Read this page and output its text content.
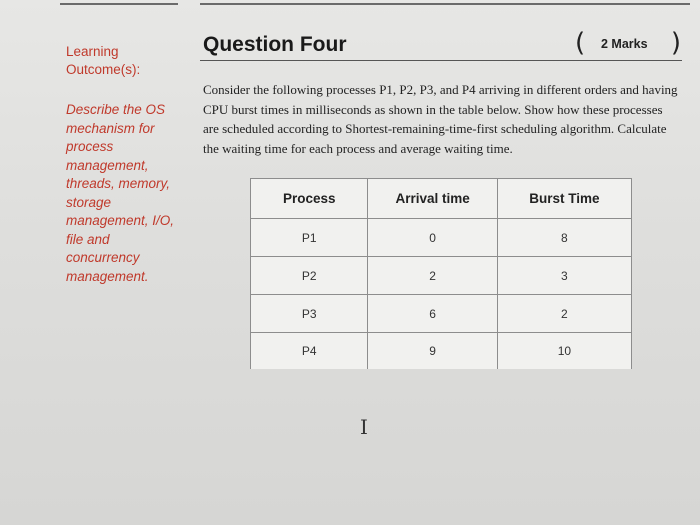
Learning Outcome(s):

Describe the OS mechanism for process management, threads, memory, storage management, I/O, file and concurrency management.

Question Four	( 2 Marks )

Consider the following processes P1, P2, P3, and P4 arriving in different orders and having CPU burst times in milliseconds as shown in the table below. Show how these processes are scheduled according to Shortest-remaining-time-first scheduling algorithm. Calculate the waiting time for each process and average waiting time.

Process	Arrival time	Burst Time
P1	0	8
P2	2	3
P3	6	2
P4	9	10
I
